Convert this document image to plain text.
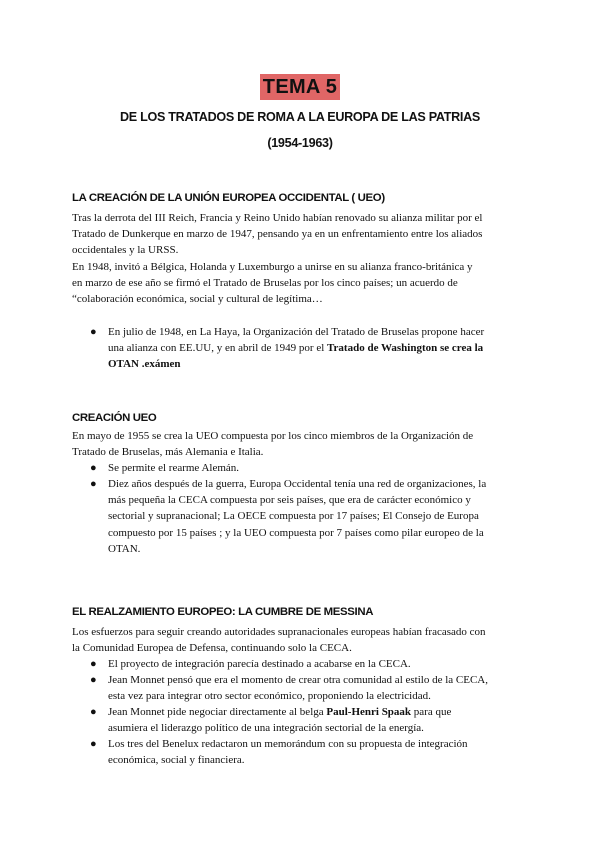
TEMA 5
DE LOS TRATADOS DE ROMA A LA EUROPA DE LAS PATRIAS
(1954-1963)
LA CREACIÓN DE LA UNIÓN EUROPEA OCCIDENTAL ( UEO)
Tras la derrota del III Reich, Francia y Reino Unido habían renovado su alianza militar por el
Tratado de Dunkerque en marzo de 1947, pensando ya en un enfrentamiento entre los aliados
occidentales y la URSS.
En 1948, invitó a Bélgica, Holanda y Luxemburgo a unirse en su alianza franco-británica y
en marzo de ese año se firmó el Tratado de Bruselas por los cinco países; un acuerdo de
“colaboración económica, social y cultural de legítima…
●	En julio de 1948, en La Haya, la Organización del Tratado de Bruselas propone hacer
una alianza con EE.UU, y en abril de 1949 por el Tratado de Washington se crea la
OTAN .exámen
CREACIÓN UEO
En mayo de 1955 se crea la UEO compuesta por los cinco miembros de la Organización de
Tratado de Bruselas, más Alemania e Italia.
●	Se permite el rearme Alemán.
●	Diez años después de la guerra, Europa Occidental tenía una red de organizaciones, la
más pequeña la CECA compuesta por seis países, que era de carácter económico y
sectorial y supranacional; La OECE compuesta por 17 países; El Consejo de Europa
compuesto por 15 países ; y la UEO compuesta por 7 países como pilar europeo de la
OTAN.
EL REALZAMIENTO EUROPEO: LA CUMBRE DE MESSINA
Los esfuerzos para seguir creando autoridades supranacionales europeas habían fracasado con
la Comunidad Europea de Defensa, continuando solo la CECA.
●	El proyecto de integración parecía destinado a acabarse en la CECA.
●	Jean Monnet pensó que era el momento de crear otra comunidad al estilo de la CECA,
esta vez para integrar otro sector económico, proponiendo la electricidad.
●	Jean Monnet pide negociar directamente al belga Paul-Henri Spaak para que
asumiera el liderazgo político de una integración sectorial de la energía.
●	Los tres del Benelux redactaron un memorándum con su propuesta de integración
económica, social y financiera.
